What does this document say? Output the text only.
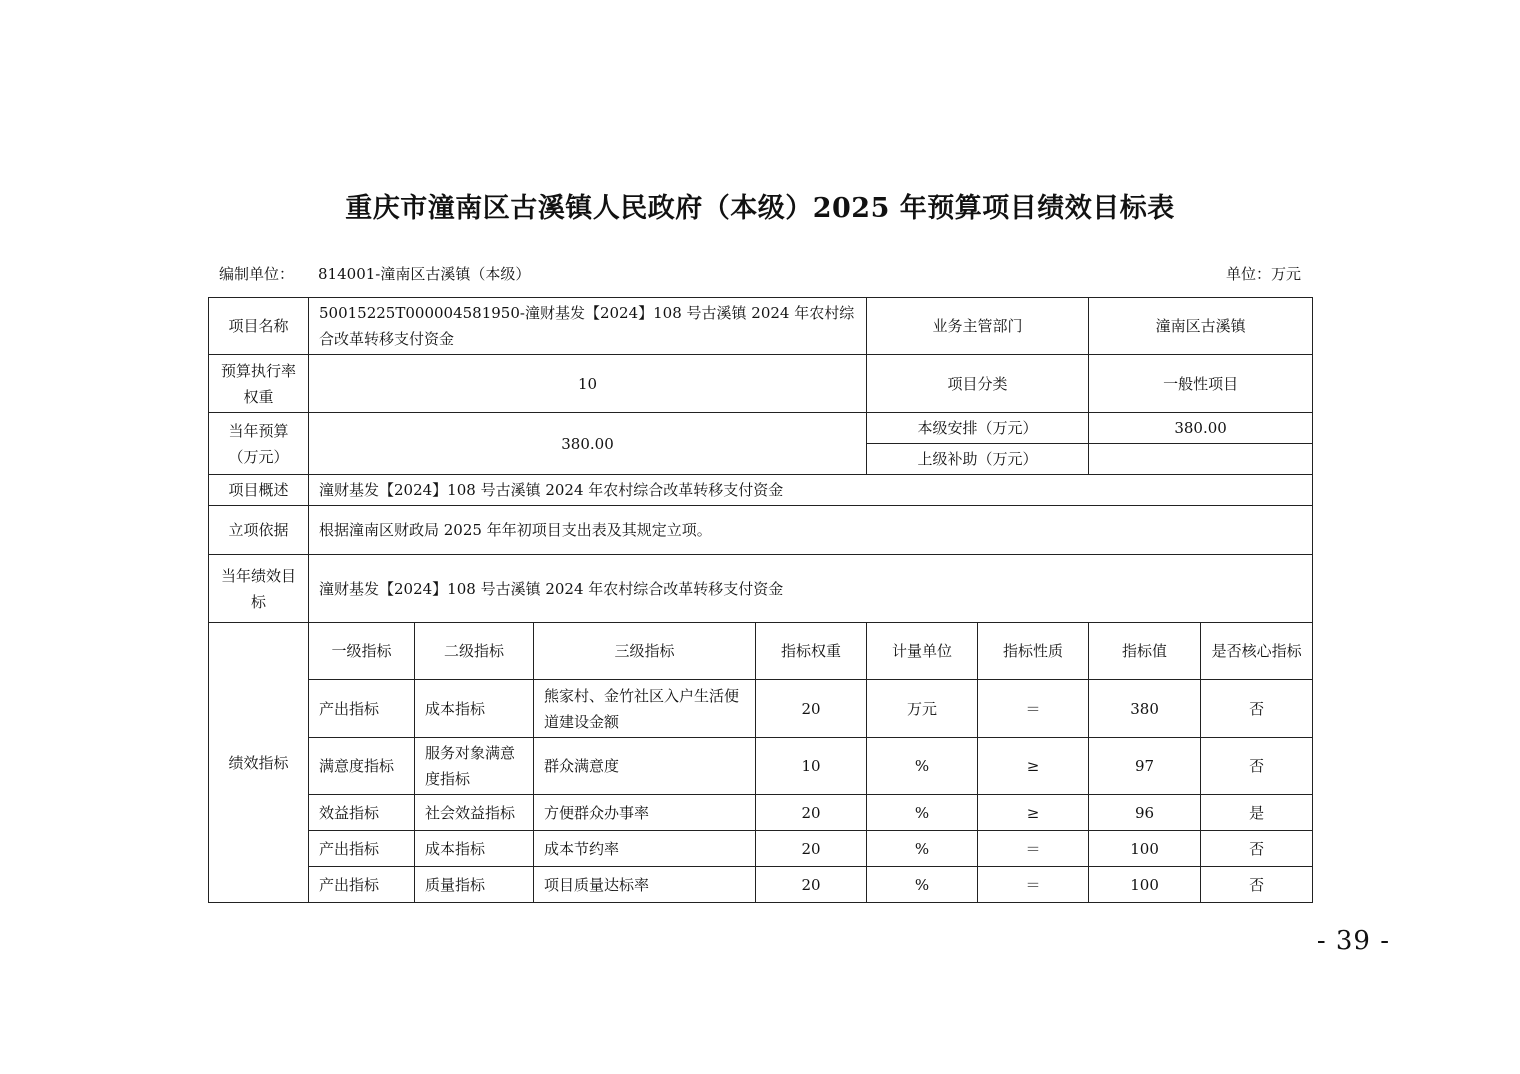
重庆市潼南区古溪镇人民政府（本级）2025 年预算项目绩效目标表
编制单位： 814001-潼南区古溪镇（本级）	单位：万元
项目名称	50015225T000004581950-潼财基发【2024】108 号古溪镇 2024 年农村综合改革转移支付资金				业务主管部门		潼南区古溪镇	
预算执行率权重	10				项目分类		一般性项目	
当年预算（万元）	380.00				本级安排（万元）		380.00	
					上级补助（万元）			
项目概述	潼财基发【2024】108 号古溪镇 2024 年农村综合改革转移支付资金							
立项依据	根据潼南区财政局 2025 年年初项目支出表及其规定立项。							
当年绩效目标	潼财基发【2024】108 号古溪镇 2024 年农村综合改革转移支付资金							
绩效指标	一级指标	二级指标	三级指标	指标权重	计量单位	指标性质	指标值	是否核心指标
	产出指标	成本指标	熊家村、金竹社区入户生活便道建设金额	20	万元	＝	380	否
	满意度指标	服务对象满意度指标	群众满意度	10	%	≥	97	否
	效益指标	社会效益指标	方便群众办事率	20	%	≥	96	是
	产出指标	成本指标	成本节约率	20	%	＝	100	否
	产出指标	质量指标	项目质量达标率	20	%	＝	100	否
- 39 -
